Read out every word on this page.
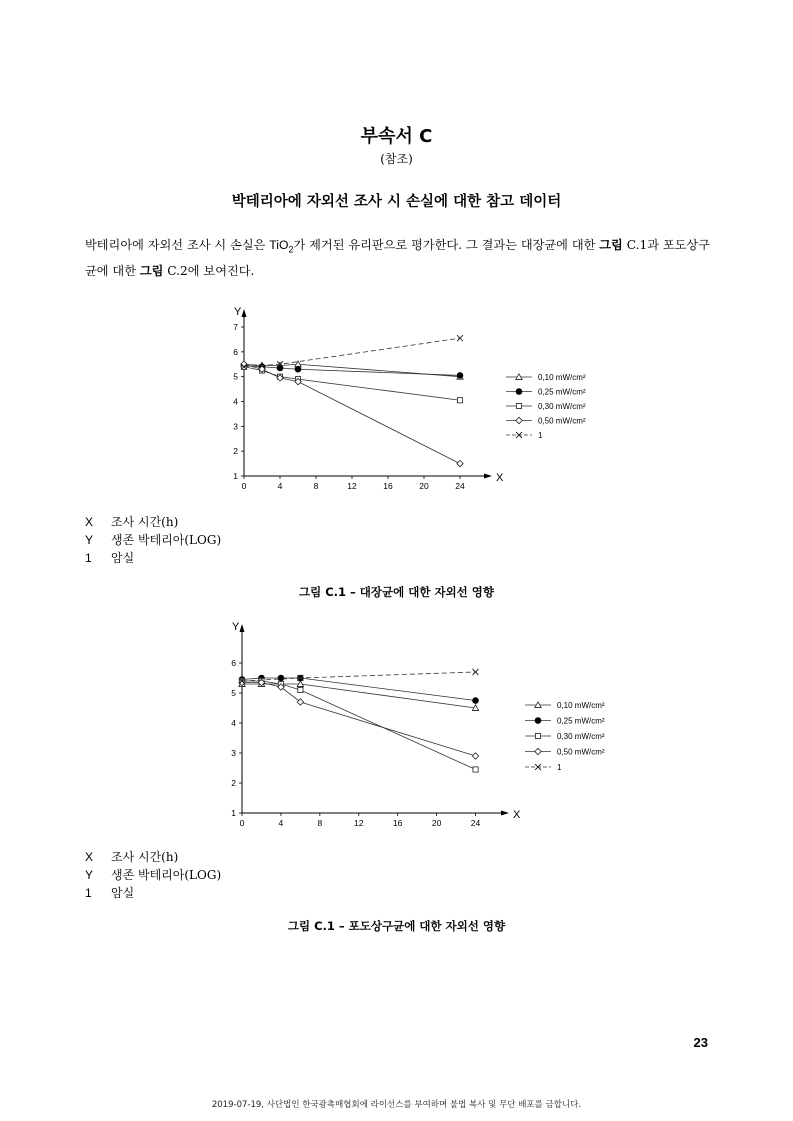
부속서 C
(참조)
박테리아에 자외선 조사 시 손실에 대한 참고 데이터
박테리아에 자외선 조사 시 손실은 TiO$_2$가 제거된 유리판으로 평가한다. 그 결과는 대장균에 대한 그림 C.1과 포도상구균에 대한 그림 C.2에 보여진다.
X
Y
0	4	8	12	16	20	24
1
2
3
4
5
6
7
0,10 mW/cm²
0,25 mW/cm²
0,30 mW/cm²
0,50 mW/cm²
1
X 조사 시간(h)
Y 생존 박테리아(LOG)
1 암실
그림 C.1 – 대장균에 대한 자외선 영향
X
Y
0	4	8	12	16	20	24
1
2
3
4
5
6
0,10 mW/cm²
0,25 mW/cm²
0,30 mW/cm²
0,50 mW/cm²
1
X 조사 시간(h)
Y 생존 박테리아(LOG)
1 암실
그림 C.1 – 포도상구균에 대한 자외선 영향
23
2019-07-19, 사단법인 한국광촉매협회에 라이선스를 부여하며 불법 복사 및 무단 배포를 금합니다.
